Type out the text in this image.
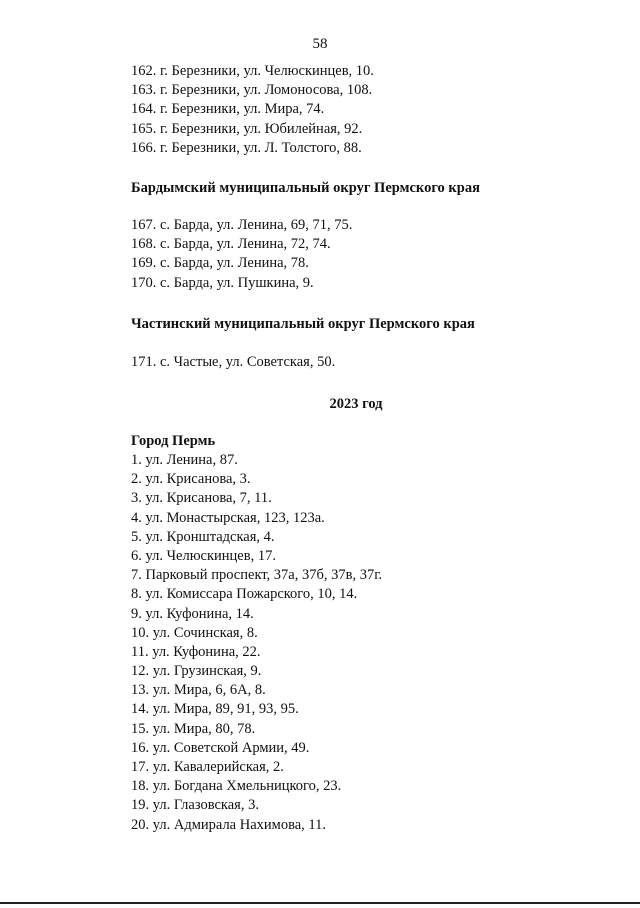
58
162. г. Березники, ул. Челюскинцев, 10.
163. г. Березники, ул. Ломоносова, 108.
164. г. Березники, ул. Мира, 74.
165. г. Березники, ул. Юбилейная, 92.
166. г. Березники, ул. Л. Толстого, 88.
Бардымский муниципальный округ Пермского края
167. с. Барда, ул. Ленина, 69, 71, 75.
168. с. Барда, ул. Ленина, 72, 74.
169. с. Барда, ул. Ленина, 78.
170. с. Барда, ул. Пушкина, 9.
Частинский муниципальный округ Пермского края
171. с. Частые, ул. Советская, 50.
2023 год
Город Пермь
1. ул. Ленина, 87.
2. ул. Крисанова, 3.
3. ул. Крисанова, 7, 11.
4. ул. Монастырская, 123, 123а.
5. ул. Кронштадская, 4.
6. ул. Челюскинцев, 17.
7. Парковый проспект, 37а, 37б, 37в, 37г.
8. ул. Комиссара Пожарского, 10, 14.
9. ул. Куфонина, 14.
10. ул. Сочинская, 8.
11. ул. Куфонина, 22.
12. ул. Грузинская, 9.
13. ул. Мира, 6, 6А, 8.
14. ул. Мира, 89, 91, 93, 95.
15. ул. Мира, 80, 78.
16. ул. Советской Армии, 49.
17. ул. Кавалерийская, 2.
18. ул. Богдана Хмельницкого, 23.
19. ул. Глазовская, 3.
20. ул. Адмирала Нахимова, 11.
